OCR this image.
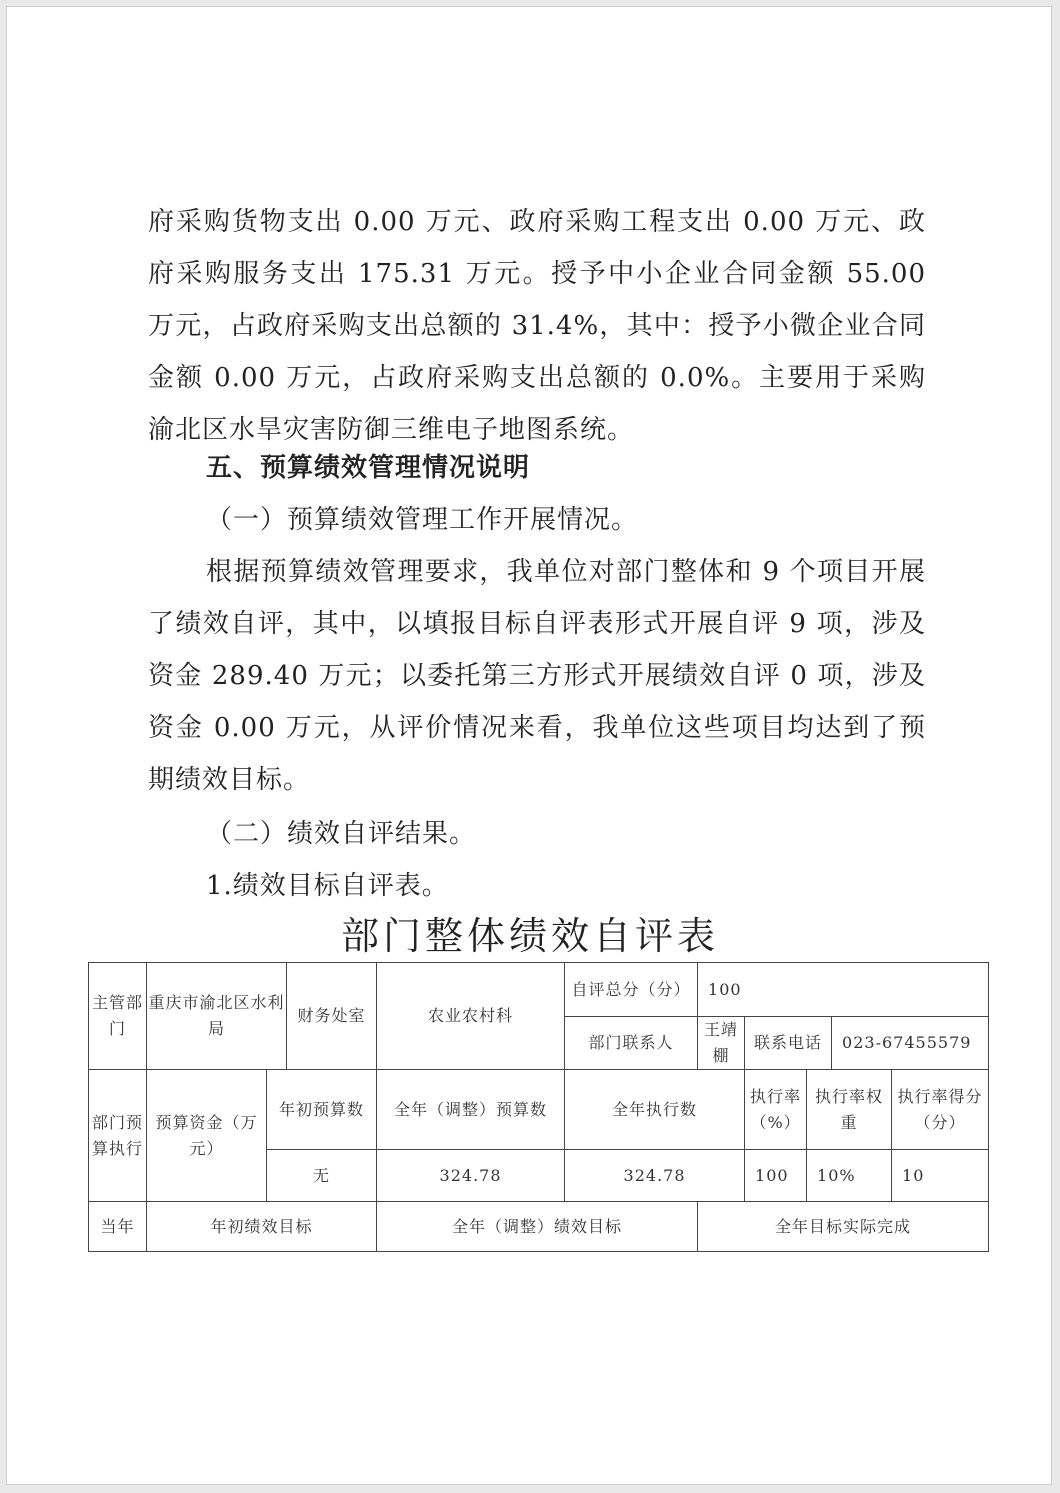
府采购货物支出 0.00 万元、政府采购工程支出 0.00 万元、政府采购服务支出 175.31 万元。授予中小企业合同金额 55.00 万元，占政府采购支出总额的 31.4%，其中：授予小微企业合同金额 0.00 万元，占政府采购支出总额的 0.0%。主要用于采购渝北区水旱灾害防御三维电子地图系统。

五、预算绩效管理情况说明

（一）预算绩效管理工作开展情况。

根据预算绩效管理要求，我单位对部门整体和 9 个项目开展了绩效自评，其中，以填报目标自评表形式开展自评 9 项，涉及资金 289.40 万元；以委托第三方形式开展绩效自评 0 项，涉及资金 0.00 万元，从评价情况来看，我单位这些项目均达到了预期绩效目标。

（二）绩效自评结果。

1.绩效目标自评表。

部门整体绩效自评表
主管部门	重庆市渝北区水利局		财务处室	农业农村科	自评总分（分）	100				
					部门联系人	王靖棚	联系电话		023-67455579	
部门预算执行	预算资金（万元）	年初预算数		全年（调整）预算数	全年执行数		执行率（%）	执行率权重		执行率得分（分）
		无		324.78	324.78		100	10%		10
当年	年初绩效目标			全年（调整）绩效目标		全年目标实际完成				
